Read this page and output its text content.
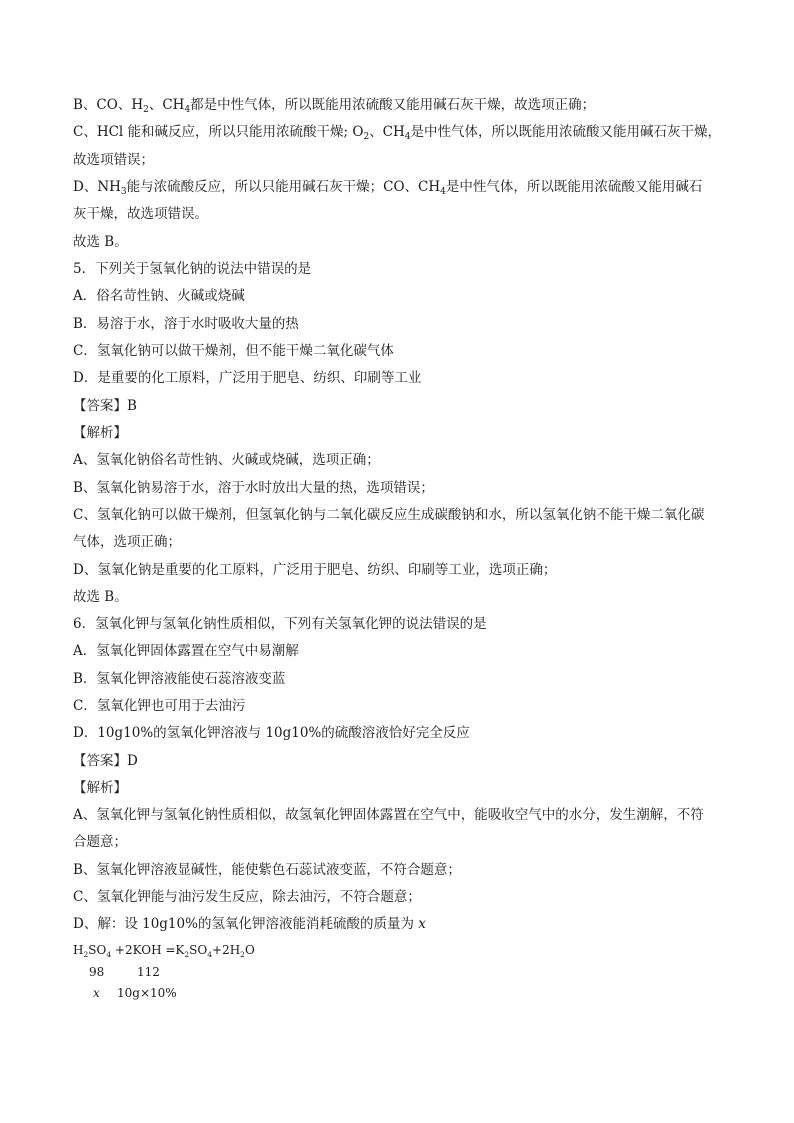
B、CO、$H_2$、$CH_4$都是中性气体，所以既能用浓硫酸又能用碱石灰干燥，故选项正确；
C、HCl 能和碱反应，所以只能用浓硫酸干燥; $O_2$、$CH_4$是中性气体，所以既能用浓硫酸又能用碱石灰干燥，
故选项错误；
D、$NH_3$能与浓硫酸反应，所以只能用碱石灰干燥；CO、$CH_4$是中性气体，所以既能用浓硫酸又能用碱石
灰干燥，故选项错误。
故选 B。
5．下列关于氢氧化钠的说法中错误的是
A．俗名苛性钠、火碱或烧碱
B．易溶于水，溶于水时吸收大量的热
C．氢氧化钠可以做干燥剂，但不能干燥二氧化碳气体
D．是重要的化工原料，广泛用于肥皂、纺织、印刷等工业
【答案】B
【解析】
A、氢氧化钠俗名苛性钠、火碱或烧碱，选项正确；
B、氢氧化钠易溶于水，溶于水时放出大量的热，选项错误；
C、氢氧化钠可以做干燥剂，但氢氧化钠与二氧化碳反应生成碳酸钠和水，所以氢氧化钠不能干燥二氧化碳
气体，选项正确；
D、氢氧化钠是重要的化工原料，广泛用于肥皂、纺织、印刷等工业，选项正确；
故选 B。
6．氢氧化钾与氢氧化钠性质相似，下列有关氢氧化钾的说法错误的是
A．氢氧化钾固体露置在空气中易潮解
B．氢氧化钾溶液能使石蕊溶液变蓝
C．氢氧化钾也可用于去油污
D．10g10%的氢氧化钾溶液与 10g10%的硫酸溶液恰好完全反应
【答案】D
【解析】
A、氢氧化钾与氢氧化钠性质相似，故氢氧化钾固体露置在空气中，能吸收空气中的水分，发生潮解，不符
合题意；
B、氢氧化钾溶液显碱性，能使紫色石蕊试液变蓝，不符合题意；
C、氢氧化钾能与油污发生反应，除去油污，不符合题意；
D、解：设 10g10%的氢氧化钾溶液能消耗硫酸的质量为 x
$H_2SO_4 +2KOH =K_2SO_4+2H_2O$
98	112
x 10g×10%
